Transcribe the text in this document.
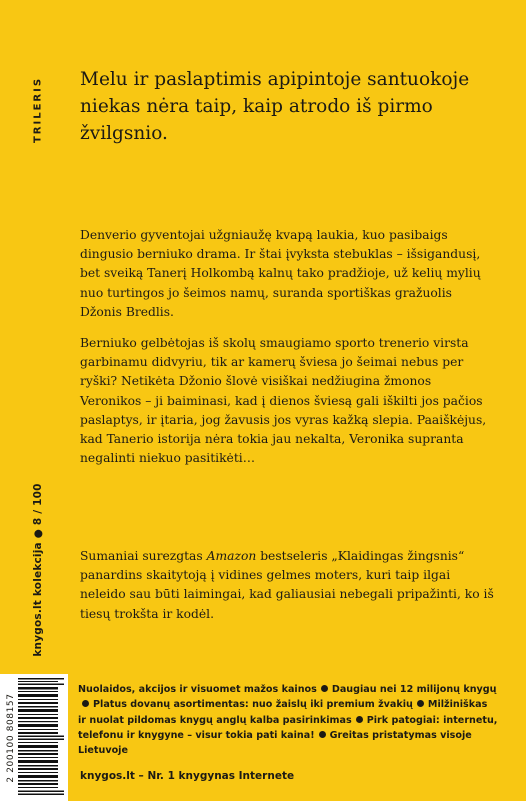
TRILERIS Melu ir paslaptimis apipintoje santuokoje niekas nėra taip, kaip atrodo iš pirmo žvilgsnio.

Denverio gyventojai užgniaužę kvapą laukia, kuo pasibaigs dingusio berniuko drama. Ir štai įvyksta stebuklas – išsigandusį, bet sveiką Tanerį Holkombą kalnų tako pradžioje, už kelių mylių nuo turtingos jo šeimos namų, suranda sportiškas gražuolis Džonis Bredlis.

Berniuko gelbėtojas iš skolų smaugiamo sporto trenerio virsta garbinamu didvyriu, tik ar kamerų šviesa jo šeimai nebus per ryški? Netikėta Džonio šlovė visiškai nedžiugina žmonos Veronikos – ji baiminasi, kad į dienos šviesą gali iškilti jos pačios paslaptys, ir įtaria, jog žavusis jos vyras kažką slepia. Paaiškėjus, kad Tanerio istorija nėra tokia jau nekalta, Veronika supranta negalinti niekuo pasitikėti…

Sumaniai surezgtas Amazon bestseleris „Klaidingas žingsnis“ panardins skaitytoją į vidines gelmes moters, kuri taip ilgai neleido sau būti laimingai, kad galiausiai nebegali pripažinti, ko iš tiesų trokšta ir kodėl.

knygos.lt kolekcija ● 8 / 100
2 200100 808157
Nuolaidos, akcijos ir visuomet mažos kainos Daugiau nei 12 milijonų knygųPlatus dovanų asortimentas: nuo žaislų iki premium žvakių Milžiniškas ir nuolat pildomas knygų anglų kalba pasirinkimas Pirk patogiai: internetu, telefonu ir knygyne – visur tokia pati kaina! Greitas pristatymas visoje Lietuvoje
knygos.lt – Nr. 1 knygynas Internete
